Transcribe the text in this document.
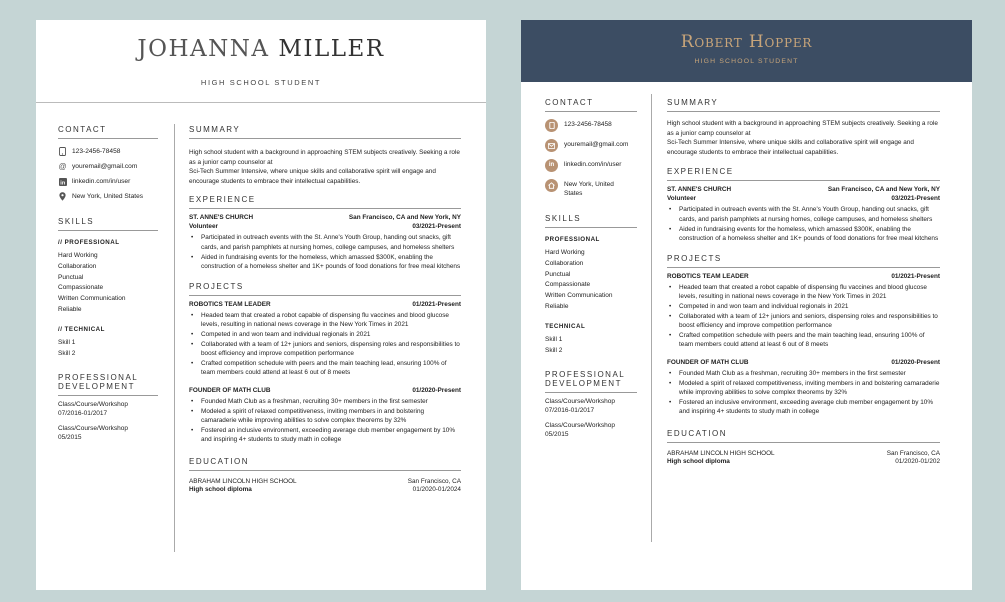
JOHANNA MILLER
HIGH SCHOOL STUDENT
CONTACT
123-2456-78458
@ youremail@gmail.com
in linkedin.com/in/user
New York, United States
SKILLS
// PROFESSIONAL
Hard Working
Collaboration
Punctual
Compassionate
Written Communication
Reliable
// TECHNICAL
Skill 1
Skill 2
PROFESSIONAL DEVELOPMENT
Class/Course/Workshop
07/2016-01/2017
Class/Course/Workshop
05/2015
SUMMARY
High school student with a background in approaching STEM subjects creatively. Seeking a role as a junior camp counselor at
Sci-Tech Summer Intensive, where unique skills and collaborative spirit will engage and encourage students to embrace their intellectual capabilities.
EXPERIENCE
ST. ANNE'S CHURCH	San Francisco, CA and New York, NY
Volunteer	03/2021-Present
• Participated in outreach events with the St. Anne's Youth Group, handing out snacks, gift cards, and parish pamphlets at nursing homes, college campuses, and homeless shelters
• Aided in fundraising events for the homeless, which amassed $300K, enabling the construction of a homeless shelter and 1K+ pounds of food donations for free meal kitchens
PROJECTS
ROBOTICS TEAM LEADER	01/2021-Present
• Headed team that created a robot capable of dispensing flu vaccines and blood glucose levels, resulting in national news coverage in the New York Times in 2021
• Competed in and won team and individual regionals in 2021
• Collaborated with a team of 12+ juniors and seniors, dispensing roles and responsibilities to boost efficiency and improve competition performance
• Crafted competition schedule with peers and the main teaching lead, ensuring 100% of team members could attend at least 6 out of 8 meets
FOUNDER OF MATH CLUB	01/2020-Present
• Founded Math Club as a freshman, recruiting 30+ members in the first semester
• Modeled a spirit of relaxed competitiveness, inviting members in and bolstering camaraderie while improving abilities to solve complex theorems by 32%
• Fostered an inclusive environment, exceeding average club member engagement by 10% and inspiring 4+ students to study math in college
EDUCATION
ABRAHAM LINCOLN HIGH SCHOOL	San Francisco, CA
High school diploma	01/2020-01/2024
Robert Hopper
HIGH SCHOOL STUDENT
CONTACT
123-2456-78458
youremail@gmail.com
in	linkedin.com/in/user
New York, United States
SKILLS
PROFESSIONAL
Hard Working
Collaboration
Punctual
Compassionate
Written Communication
Reliable
TECHNICAL
Skill 1
Skill 2
PROFESSIONAL DEVELOPMENT
Class/Course/Workshop
07/2016-01/2017
Class/Course/Workshop
05/2015
SUMMARY
High school student with a background in approaching STEM subjects creatively. Seeking a role as a junior camp counselor at
Sci-Tech Summer Intensive, where unique skills and collaborative spirit will engage and encourage students to embrace their intellectual capabilities.
EXPERIENCE
ST. ANNE'S CHURCH	San Francisco, CA and New York, NY
Volunteer	03/2021-Present
• Participated in outreach events with the St. Anne's Youth Group, handing out snacks, gift cards, and parish pamphlets at nursing homes, college campuses, and homeless shelters
• Aided in fundraising events for the homeless, which amassed $300K, enabling the construction of a homeless shelter and 1K+ pounds of food donations for free meal kitchens
PROJECTS
ROBOTICS TEAM LEADER	01/2021-Present
• Headed team that created a robot capable of dispensing flu vaccines and blood glucose levels, resulting in national news coverage in the New York Times in 2021
• Competed in and won team and individual regionals in 2021
• Collaborated with a team of 12+ juniors and seniors, dispensing roles and responsibilities to boost efficiency and improve competition performance
• Crafted competition schedule with peers and the main teaching lead, ensuring 100% of team members could attend at least 6 out of 8 meets
FOUNDER OF MATH CLUB	01/2020-Present
• Founded Math Club as a freshman, recruiting 30+ members in the first semester
• Modeled a spirit of relaxed competitiveness, inviting members in and bolstering camaraderie while improving abilities to solve complex theorems by 32%
• Fostered an inclusive environment, exceeding average club member engagement by 10% and inspiring 4+ students to study math in college
EDUCATION
ABRAHAM LINCOLN HIGH SCHOOL	San Francisco, CA
High school diploma	01/2020-01/202
